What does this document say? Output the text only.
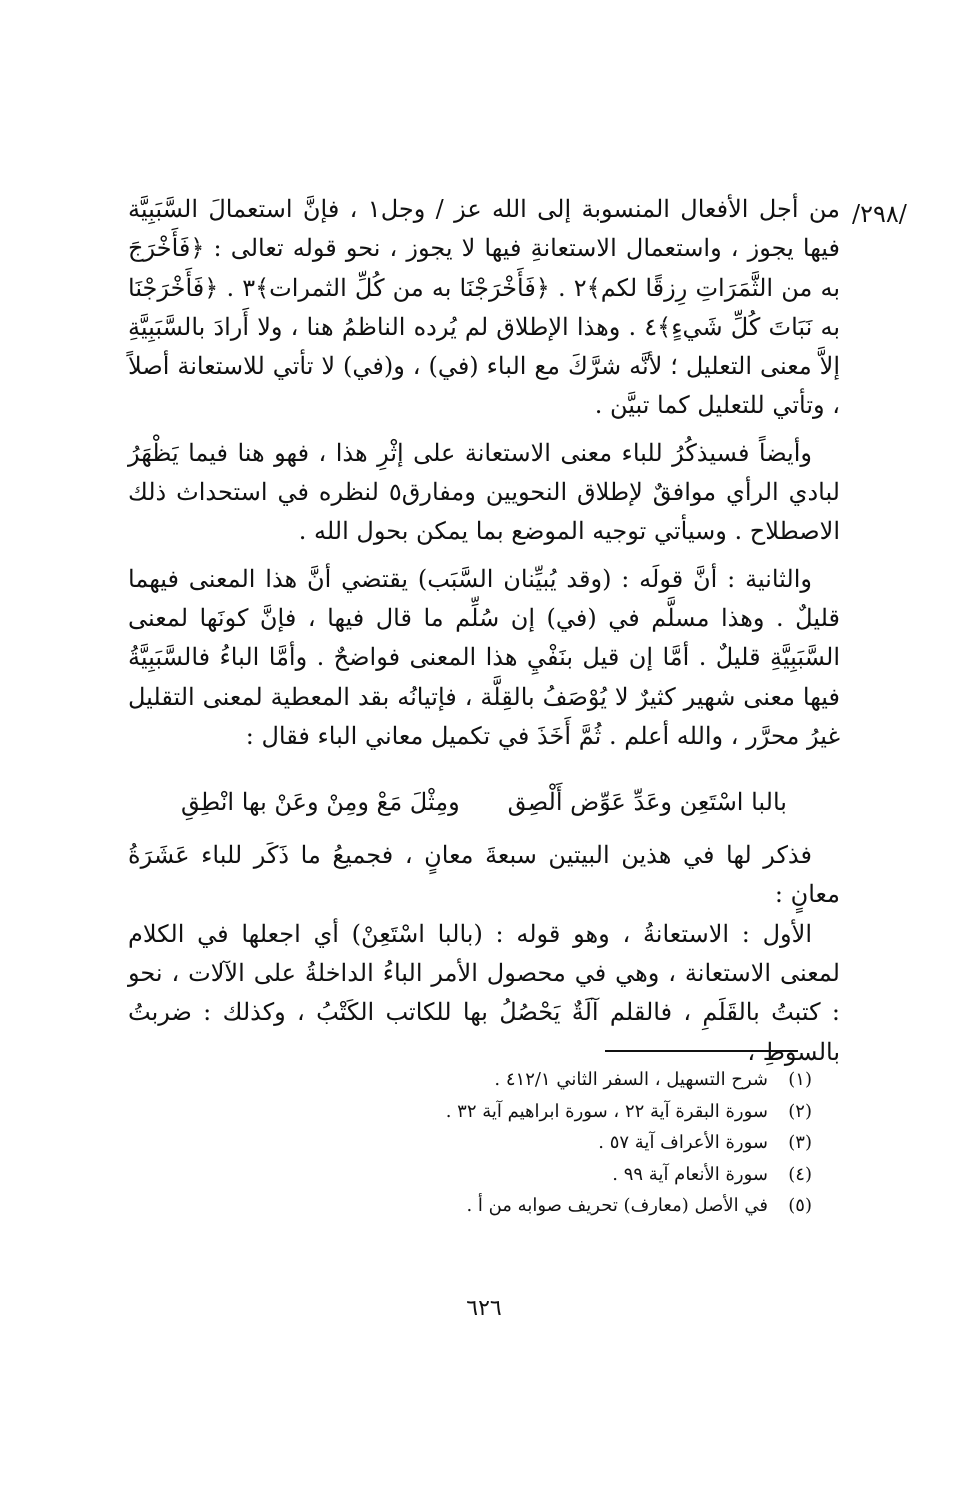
/٢٩٨/

من أجل الأفعال المنسوبة إلى الله عز / وجل١ ، فإنَّ استعمالَ السَّبَبِيَّة فيها يجوز ، واستعمال الاستعانةِ فيها لا يجوز ، نحو قوله تعالى : ﴿فَأَخْرَجَ به من الثَّمَرَاتِ رِزقًا لكم﴾٢ . ﴿فَأَخْرَجْنَا به من كُلِّ الثمرات﴾٣ . ﴿فَأَخْرَجْنَا به نَبَاتَ كُلِّ شَيءٍ﴾٤ . وهذا الإطلاق لم يُرده الناظمُ هنا ، ولا أَرادَ بالسَّبَبِيَّةِ إلاَّ معنى التعليل ؛ لأنَّه شرَّكَ مع الباء (في) ، و(في) لا تأتي للاستعانة أصلاً ، وتأتي للتعليل كما تبيَّن .

وأيضاً فسيذكُرُ للباء معنى الاستعانة على إثْرِ هذا ، فهو هنا فيما يَظْهَرُ لبادي الرأي موافقٌ لإطلاق النحويين ومفارق٥ لنظره في استحداث ذلك الاصطلاح . وسيأتي توجيه الموضع بما يمكن بحول الله .

والثانية : أنَّ قولَه : (وقد يُبيِّنان السَّبَب) يقتضي أنَّ هذا المعنى فيهما قليلٌ . وهذا مسلَّم في (في) إن سُلِّم ما قال فيها ، فإنَّ كونَها لمعنى السَّبَبِيَّةِ قليلٌ . أمَّا إن قيل بنَفْيِ هذا المعنى فواضحٌ . وأمَّا الباءُ فالسَّبَبِيَّةُ فيها معنى شهير كثيرٌ لا يُوْصَفُ بالقِلَّة ، فإتيانُه بقد المعطية لمعنى التقليل غيرُ محرَّر ، والله أعلم . ثُمَّ أَخَذَ في تكميل معاني الباء فقال :

بالبا اسْتَعِن وعَدِّ عَوِّض أَلْصِق
ومِثْلَ مَعْ ومِنْ وعَنْ بها انْطِقِ

فذكر لها في هذين البيتين سبعةَ معانٍ ، فجميعُ ما ذَكَر للباء عَشَرَةُ معانٍ :

الأول : الاستعانةُ ، وهو قوله : (بالبا اسْتَعِنْ) أي اجعلها في الكلام لمعنى الاستعانة ، وهي في محصول الأمر الباءُ الداخلةُ على الآلات ، نحو : كتبتُ بالقَلَمِ ، فالقلم آلَةٌ يَحْصُلُ بها للكاتب الكَتْبُ ، وكذلك : ضربتُ بالسوطِ ،

(١)
شرح التسهيل ، السفر الثاني ٤١٢/١ .
(٢)
سورة البقرة آية ٢٢ ، سورة ابراهيم آية ٣٢ .
(٣)
سورة الأعراف آية ٥٧ .
(٤)
سورة الأنعام آية ٩٩ .
(٥)
في الأصل (معارف) تحريف صوابه من أ .
٦٢٦
